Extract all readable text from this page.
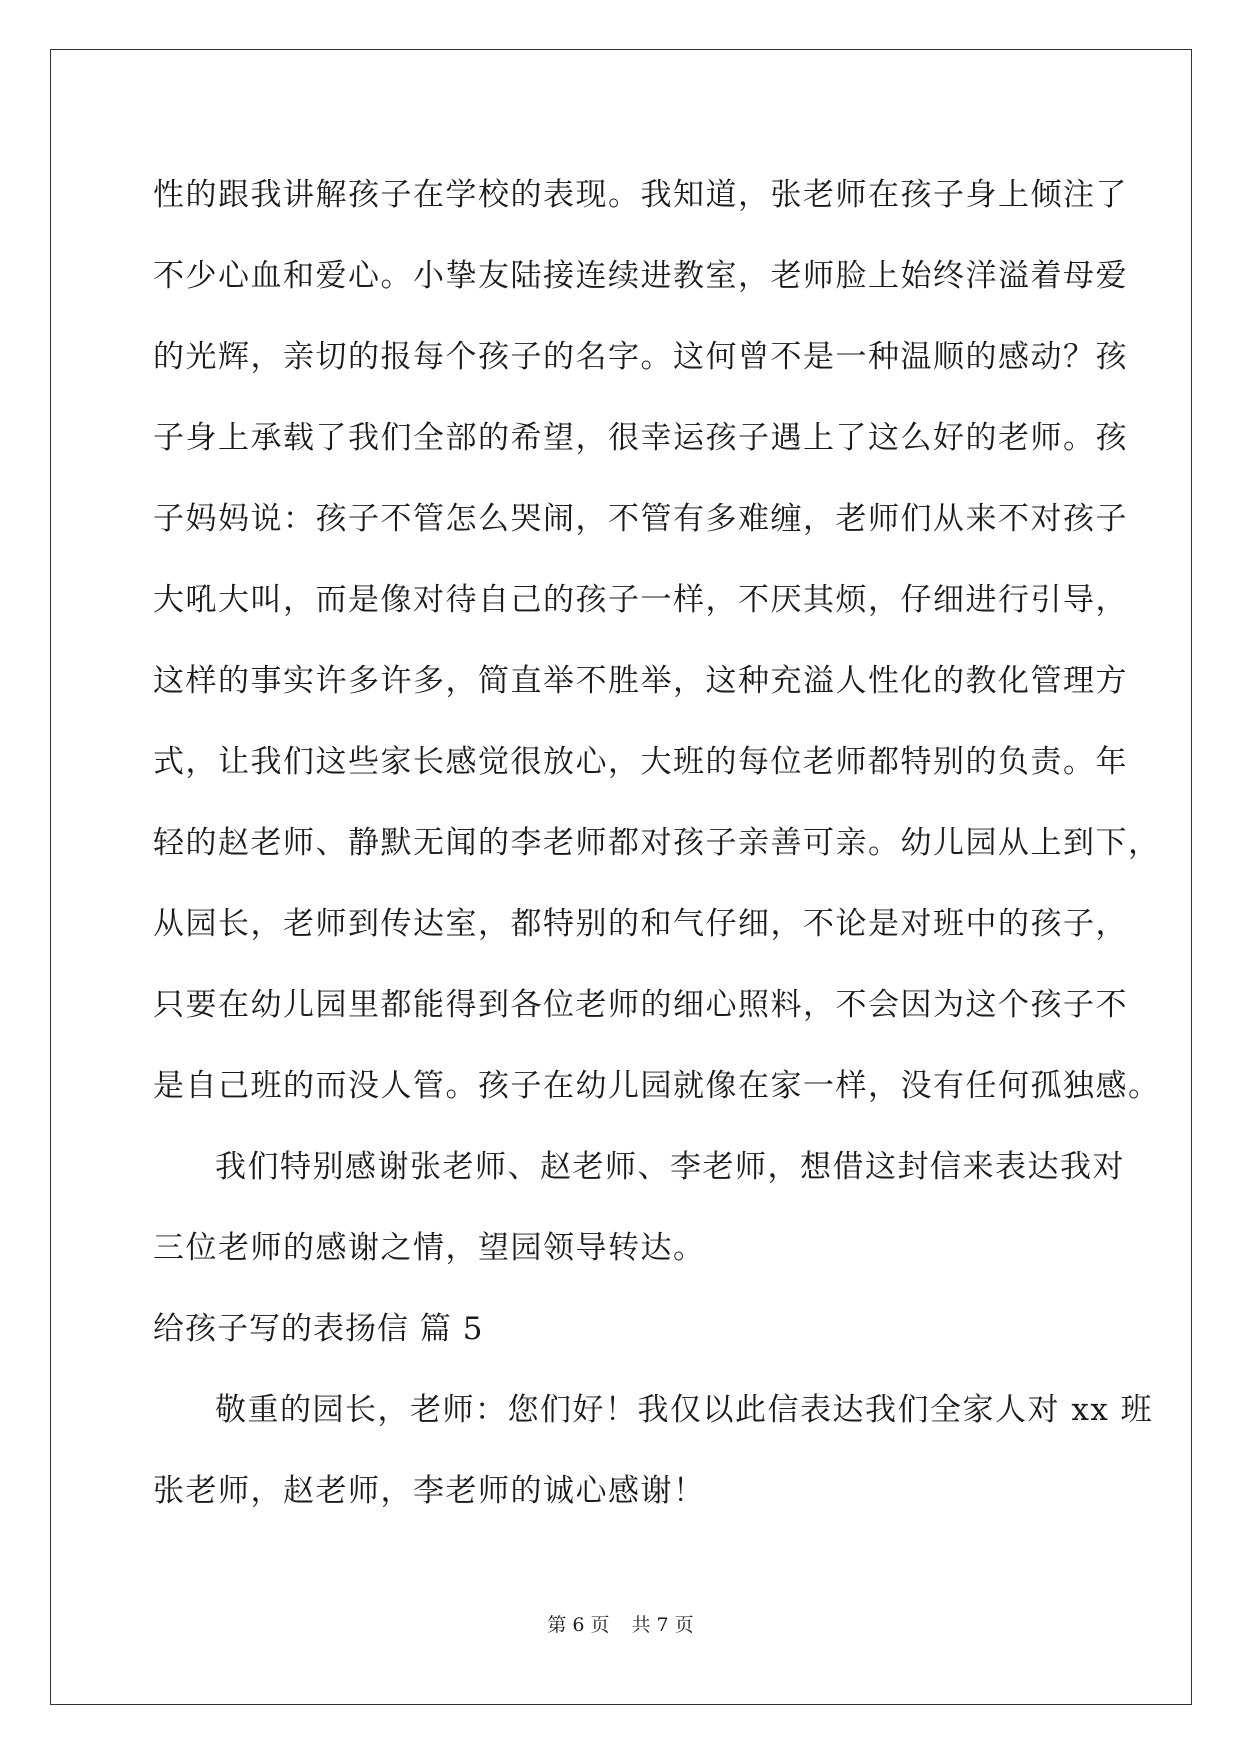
性的跟我讲解孩子在学校的表现。我知道，张老师在孩子身上倾注了

不少心血和爱心。小挚友陆接连续进教室，老师脸上始终洋溢着母爱

的光辉，亲切的报每个孩子的名字。这何曾不是一种温顺的感动？孩

子身上承载了我们全部的希望，很幸运孩子遇上了这么好的老师。孩

子妈妈说：孩子不管怎么哭闹，不管有多难缠，老师们从来不对孩子

大吼大叫，而是像对待自己的孩子一样，不厌其烦，仔细进行引导，

这样的事实许多许多，简直举不胜举，这种充溢人性化的教化管理方

式，让我们这些家长感觉很放心，大班的每位老师都特别的负责。年

轻的赵老师、静默无闻的李老师都对孩子亲善可亲。幼儿园从上到下，

从园长，老师到传达室，都特别的和气仔细，不论是对班中的孩子，

只要在幼儿园里都能得到各位老师的细心照料，不会因为这个孩子不

是自己班的而没人管。孩子在幼儿园就像在家一样，没有任何孤独感。

我们特别感谢张老师、赵老师、李老师，想借这封信来表达我对

三位老师的感谢之情，望园领导转达。

给孩子写的表扬信 篇 5

敬重的园长，老师：您们好！我仅以此信表达我们全家人对 xx 班

张老师，赵老师，李老师的诚心感谢！

第 6 页 共 7 页
